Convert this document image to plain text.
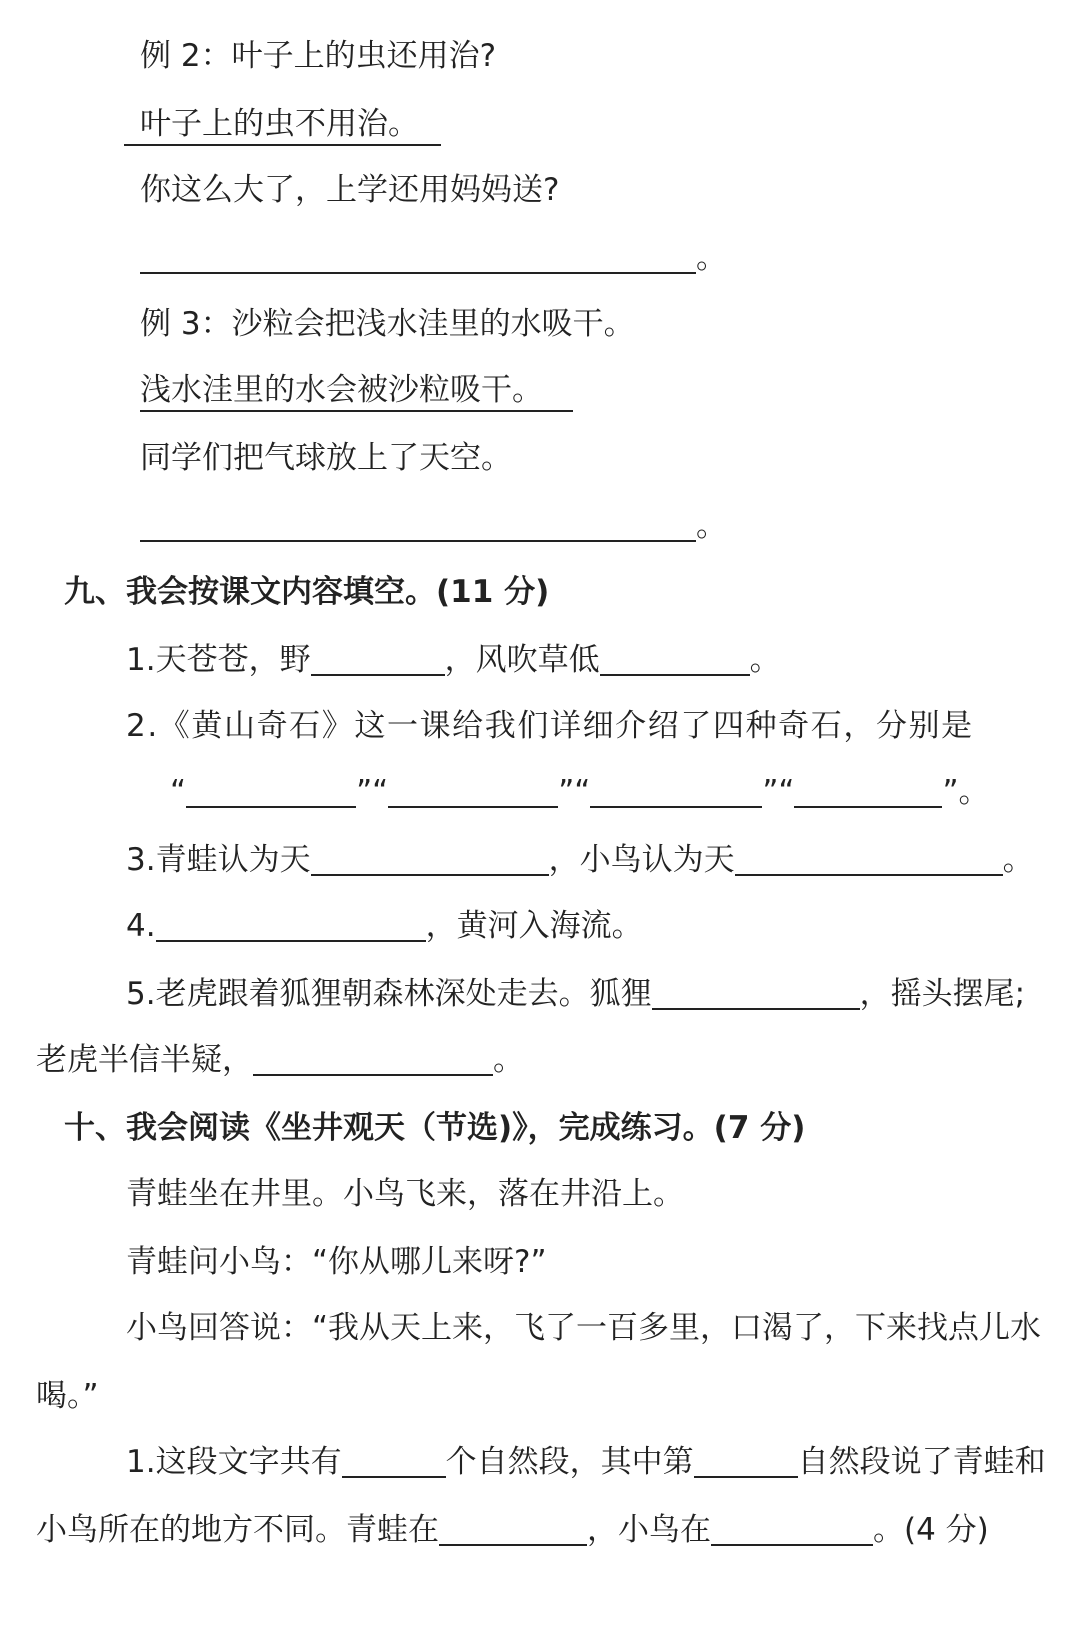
例 2：叶子上的虫还用治?
叶子上的虫不用治。
你这么大了，上学还用妈妈送?
。
例 3：沙粒会把浅水洼里的水吸干。
浅水洼里的水会被沙粒吸干。
同学们把气球放上了天空。
。
九、我会按课文内容填空。(11 分)
1.天苍苍，野	，风吹草低	。
2.《黄山奇石》这一课给我们详细介绍了四种奇石，分别是
“	”“	”“	”“	”。
3.青蛙认为天	，小鸟认为天	。
4.	，黄河入海流。
5.老虎跟着狐狸朝森林深处走去。狐狸	，摇头摆尾;
老虎半信半疑，	。
十、我会阅读《坐井观天（节选)》，完成练习。(7 分)
青蛙坐在井里。小鸟飞来，落在井沿上。
青蛙问小鸟：“你从哪儿来呀?”
小鸟回答说：“我从天上来，飞了一百多里，口渴了，下来找点儿水
喝。”
1.这段文字共有	个自然段，其中第	自然段说了青蛙和
小鸟所在的地方不同。青蛙在	，小鸟在	。(4 分)
